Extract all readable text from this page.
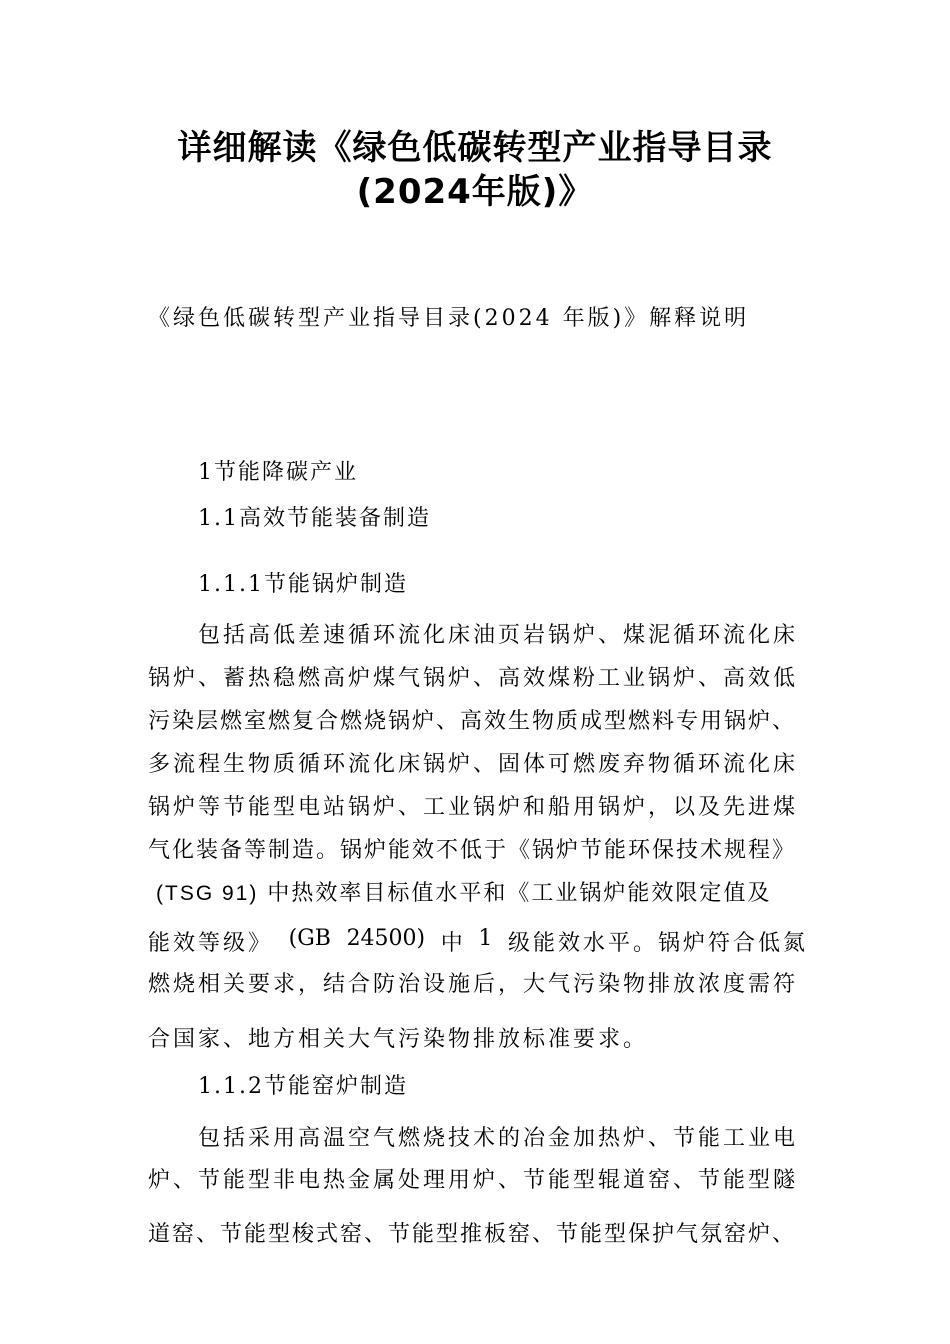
详细解读《绿色低碳转型产业指导目录
(2024年版)》
《绿色低碳转型产业指导目录(2024 年版)》解释说明
1节能降碳产业
1.1高效节能装备制造
1.1.1节能锅炉制造
包括高低差速循环流化床油页岩锅炉、煤泥循环流化床
锅炉、蓄热稳燃高炉煤气锅炉、高效煤粉工业锅炉、高效低
污染层燃室燃复合燃烧锅炉、高效生物质成型燃料专用锅炉、
多流程生物质循环流化床锅炉、固体可燃废弃物循环流化床
锅炉等节能型电站锅炉、工业锅炉和船用锅炉，以及先进煤
气化装备等制造。锅炉能效不低于《锅炉节能环保技术规程》
(TSG 91) 中热效率目标值水平和《工业锅炉能效限定值及
能效等级》 (GB 24500) 中 1 级能效水平。锅炉符合低氮
燃烧相关要求，结合防治设施后，大气污染物排放浓度需符
合国家、地方相关大气污染物排放标准要求。
1.1.2节能窑炉制造
包括采用高温空气燃烧技术的冶金加热炉、节能工业电
炉、节能型非电热金属处理用炉、节能型辊道窑、节能型隧
道窑、节能型梭式窑、节能型推板窑、节能型保护气氛窑炉、
